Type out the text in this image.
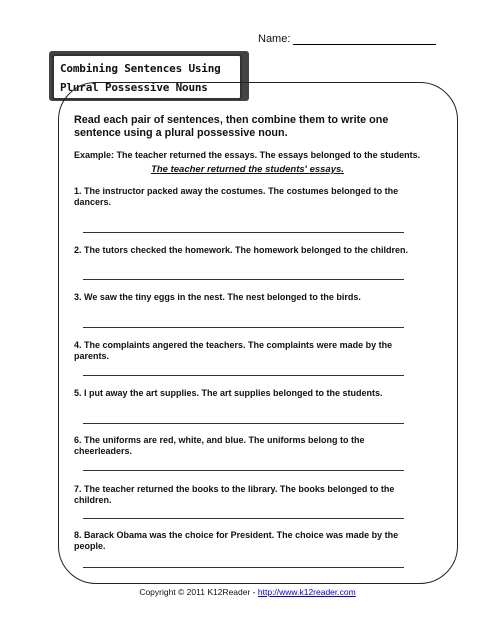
Name:
Combining Sentences Using
Plural Possessive Nouns
Read each pair of sentences, then combine them to write one sentence using a plural possessive noun.
Example: The teacher returned the essays. The essays belonged to the students.
The teacher returned the students' essays.
1. The instructor packed away the costumes. The costumes belonged to the dancers.
2. The tutors checked the homework. The homework belonged to the children.
3. We saw the tiny eggs in the nest. The nest belonged to the birds.
4. The complaints angered the teachers. The complaints were made by the parents.
5. I put away the art supplies. The art supplies belonged to the students.
6. The uniforms are red, white, and blue. The uniforms belong to the cheerleaders.
7. The teacher returned the books to the library. The books belonged to the children.
8. Barack Obama was the choice for President. The choice was made by the people.
Copyright © 2011 K12Reader - http://www.k12reader.com
